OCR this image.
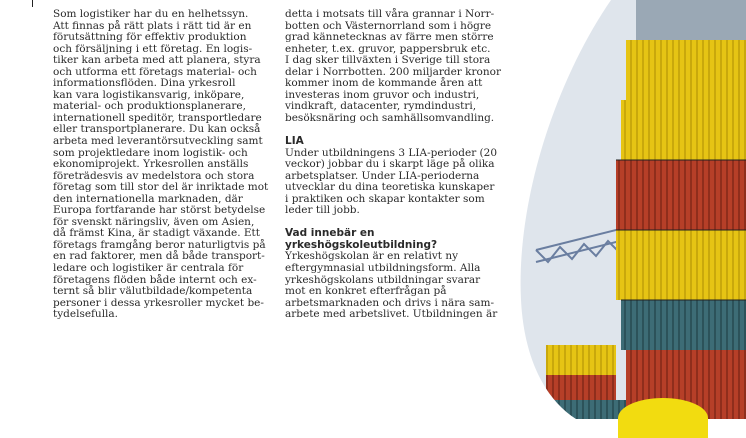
Som logistiker har du en helhetssyn.
Att finnas på rätt plats i rätt tid är en
förutsättning för effektiv produktion
och försäljning i ett företag. En logis-
tiker kan arbeta med att planera, styra
och utforma ett företags material- och
informationsflöden. Dina yrkesroll
kan vara logistikansvarig, inköpare,
material- och produktionsplanerare,
internationell speditör, transportledare
eller transportplanerare. Du kan också
arbeta med leverantörsutveckling samt
som projektledare inom logistik- och
ekonomiprojekt. Yrkesrollen anställs
företrädesvis av medelstora och stora
företag som till stor del är inriktade mot
den internationella marknaden, där
Europa fortfarande har störst betydelse
för svenskt näringsliv, även om Asien,
då främst Kina, är stadigt växande. Ett
företags framgång beror naturligtvis på
en rad faktorer, men då både transport-
ledare och logistiker är centrala för
företagens flöden både internt och ex-
ternt så blir välutbildade/kompetenta
personer i dessa yrkesroller mycket be-
tydelsefulla.

detta i motsats till våra grannar i Norr-
botten och Västernorrland som i högre
grad kännetecknas av färre men större
enheter, t.ex. gruvor, pappersbruk etc.
I dag sker tillväxten i Sverige till stora
delar i Norrbotten. 200 miljarder kronor
kommer inom de kommande åren att
investeras inom gruvor och industri,
vindkraft, datacenter, rymdindustri,
besöksnäring och samhällsomvandling.

LIA

Under utbildningens 3 LIA-perioder (20
veckor) jobbar du i skarpt läge på olika
arbetsplatser. Under LIA-perioderna
utvecklar du dina teoretiska kunskaper
i praktiken och skapar kontakter som
leder till jobb.

Vad innebär en
yrkeshögskoleutbildning?

Yrkeshögskolan är en relativt ny
eftergymnasial utbildningsform. Alla
yrkeshögskolans utbildningar svarar
mot en konkret efterfrågan på
arbetsmarknaden och drivs i nära sam-
arbete med arbetslivet. Utbildningen är
